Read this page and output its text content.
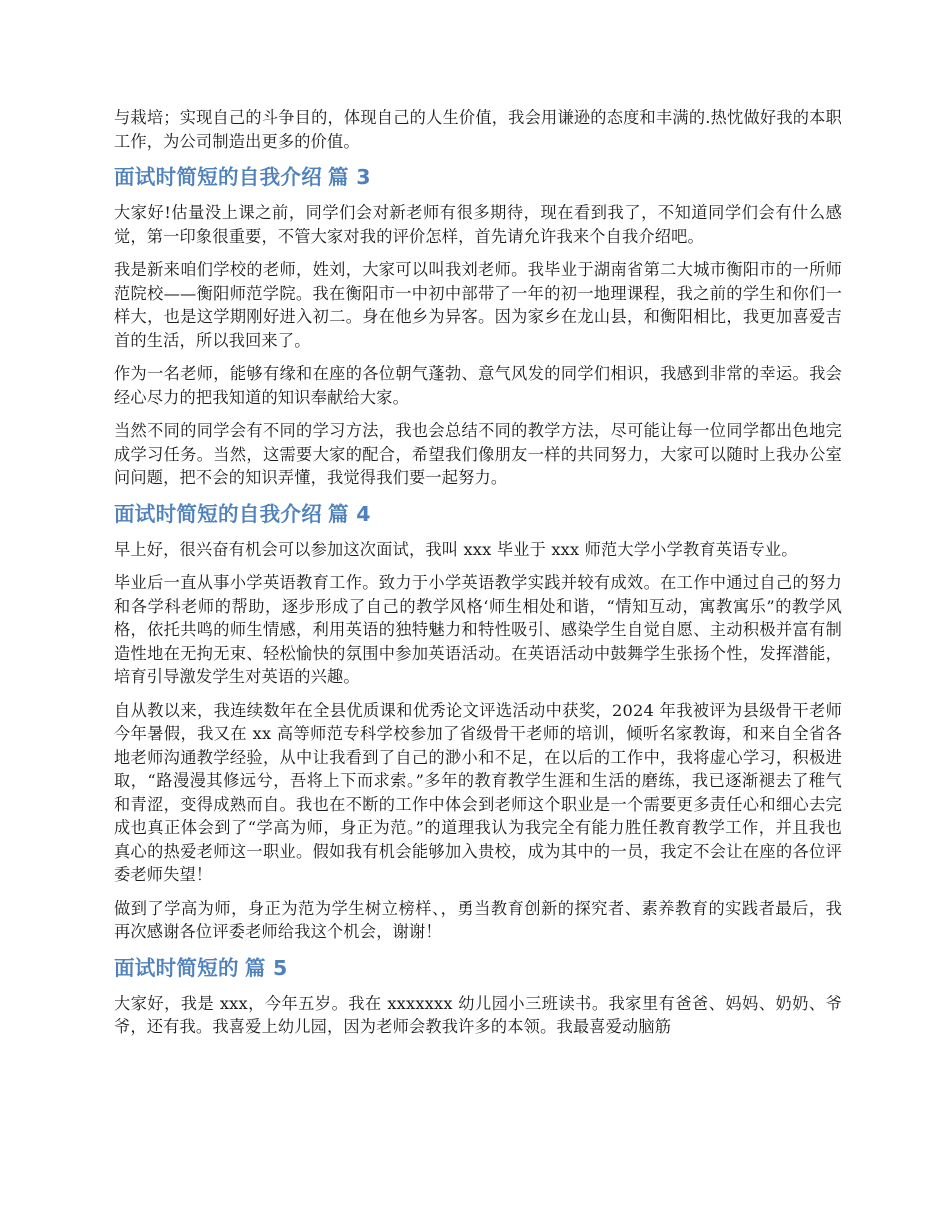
与栽培；实现自己的斗争目的，体现自己的人生价值，我会用谦逊的态度和丰满的.热忱做好我的本职工作，为公司制造出更多的价值。

面试时简短的自我介绍 篇 3

大家好!估量没上课之前，同学们会对新老师有很多期待，现在看到我了，不知道同学们会有什么感觉，第一印象很重要，不管大家对我的评价怎样，首先请允许我来个自我介绍吧。

我是新来咱们学校的老师，姓刘，大家可以叫我刘老师。我毕业于湖南省第二大城市衡阳市的一所师范院校——衡阳师范学院。我在衡阳市一中初中部带了一年的初一地理课程，我之前的学生和你们一样大，也是这学期刚好进入初二。身在他乡为异客。因为家乡在龙山县，和衡阳相比，我更加喜爱吉首的生活，所以我回来了。

作为一名老师，能够有缘和在座的各位朝气蓬勃、意气风发的同学们相识，我感到非常的幸运。我会经心尽力的把我知道的知识奉献给大家。

当然不同的同学会有不同的学习方法，我也会总结不同的教学方法，尽可能让每一位同学都出色地完成学习任务。当然，这需要大家的配合，希望我们像朋友一样的共同努力，大家可以随时上我办公室问问题，把不会的知识弄懂，我觉得我们要一起努力。

面试时简短的自我介绍 篇 4

早上好，很兴奋有机会可以参加这次面试，我叫 xxx 毕业于 xxx 师范大学小学教育英语专业。

毕业后一直从事小学英语教育工作。致力于小学英语教学实践并较有成效。在工作中通过自己的努力和各学科老师的帮助，逐步形成了自己的教学风格‘师生相处和谐，“情知互动，寓教寓乐”的教学风格，依托共鸣的师生情感，利用英语的独特魅力和特性吸引、感染学生自觉自愿、主动积极并富有制造性地在无拘无束、轻松愉快的氛围中参加英语活动。在英语活动中鼓舞学生张扬个性，发挥潜能，培育引导激发学生对英语的兴趣。

自从教以来，我连续数年在全县优质课和优秀论文评选活动中获奖，2024 年我被评为县级骨干老师今年暑假，我又在 xx 高等师范专科学校参加了省级骨干老师的培训，倾听名家教诲，和来自全省各地老师沟通教学经验，从中让我看到了自己的渺小和不足，在以后的工作中，我将虚心学习，积极进取，“路漫漫其修远兮，吾将上下而求索。”多年的教育教学生涯和生活的磨练，我已逐渐褪去了稚气和青涩，变得成熟而自。我也在不断的工作中体会到老师这个职业是一个需要更多责任心和细心去完成也真正体会到了“学高为师，身正为范。”的道理我认为我完全有能力胜任教育教学工作，并且我也真心的热爱老师这一职业。假如我有机会能够加入贵校，成为其中的一员，我定不会让在座的各位评委老师失望！

做到了学高为师，身正为范为学生树立榜样、，勇当教育创新的探究者、素养教育的实践者最后，我再次感谢各位评委老师给我这个机会，谢谢！

面试时简短的 篇 5

大家好，我是 xxx，今年五岁。我在 xxxxxxx 幼儿园小三班读书。我家里有爸爸、妈妈、奶奶、爷爷，还有我。我喜爱上幼儿园，因为老师会教我许多的本领。我最喜爱动脑筋
